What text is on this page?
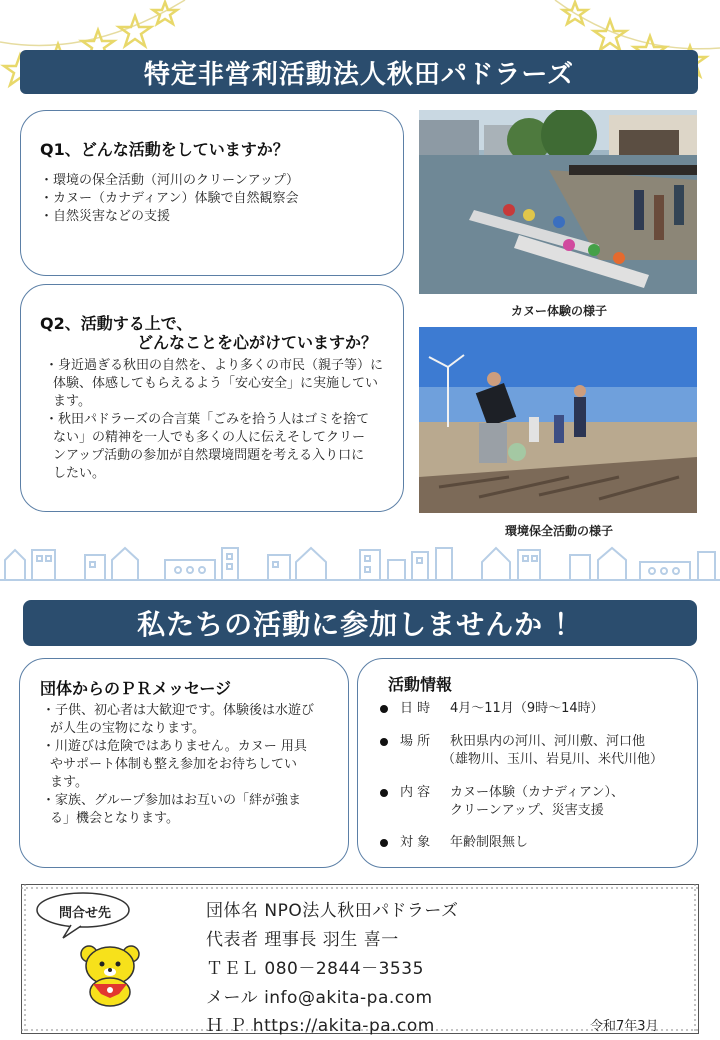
特定非営利活動法人秋田パドラーズ
Q1、どんな活動をしていますか？

・環境の保全活動（河川のクリーンアップ）

・カヌー（カナディアン）体験で自然観察会

・自然災害などの支援

Q2、活動する上で、
どんなことを心がけていますか？

・身近過ぎる秋田の自然を、より多くの市民（親子等）に

体験、体感してもらえるよう「安心安全」に実施してい

ます。

・秋田パドラーズの合言葉「ごみを拾う人はゴミを捨て

ない」の精神を一人でも多くの人に伝えそしてクリー

ンアップ活動の参加が自然環境問題を考える入り口に

したい。

カヌー体験の様子
環境保全活動の様子
私たちの活動に参加しませんか ！
団体からのＰＲメッセージ

・子供、初心者は大歓迎です。体験後は水遊び

が人生の宝物になります。

・川遊びは危険ではありません。カヌー 用具

やサポート体制も整え参加をお待ちしてい

ます。

・家族、グループ参加はお互いの「絆が強ま

る」機会となります。

活動情報
日 時 4月～11月（9時～14時）
場 所 秋田県内の河川、河川敷、河口他
（雄物川、玉川、岩見川、米代川他）
内 容 カヌー体験（カナディアン）、
クリーンアップ、災害支援
対 象 年齢制限無し
問合せ先	団体名 NPO法人秋田パドラーズ
代表者 理事長 羽生 喜一
ＴＥＬ 080－2844－3535
メール info@akita-pa.com
Ｈ Ｐ https://akita-pa.com	令和7年3月
